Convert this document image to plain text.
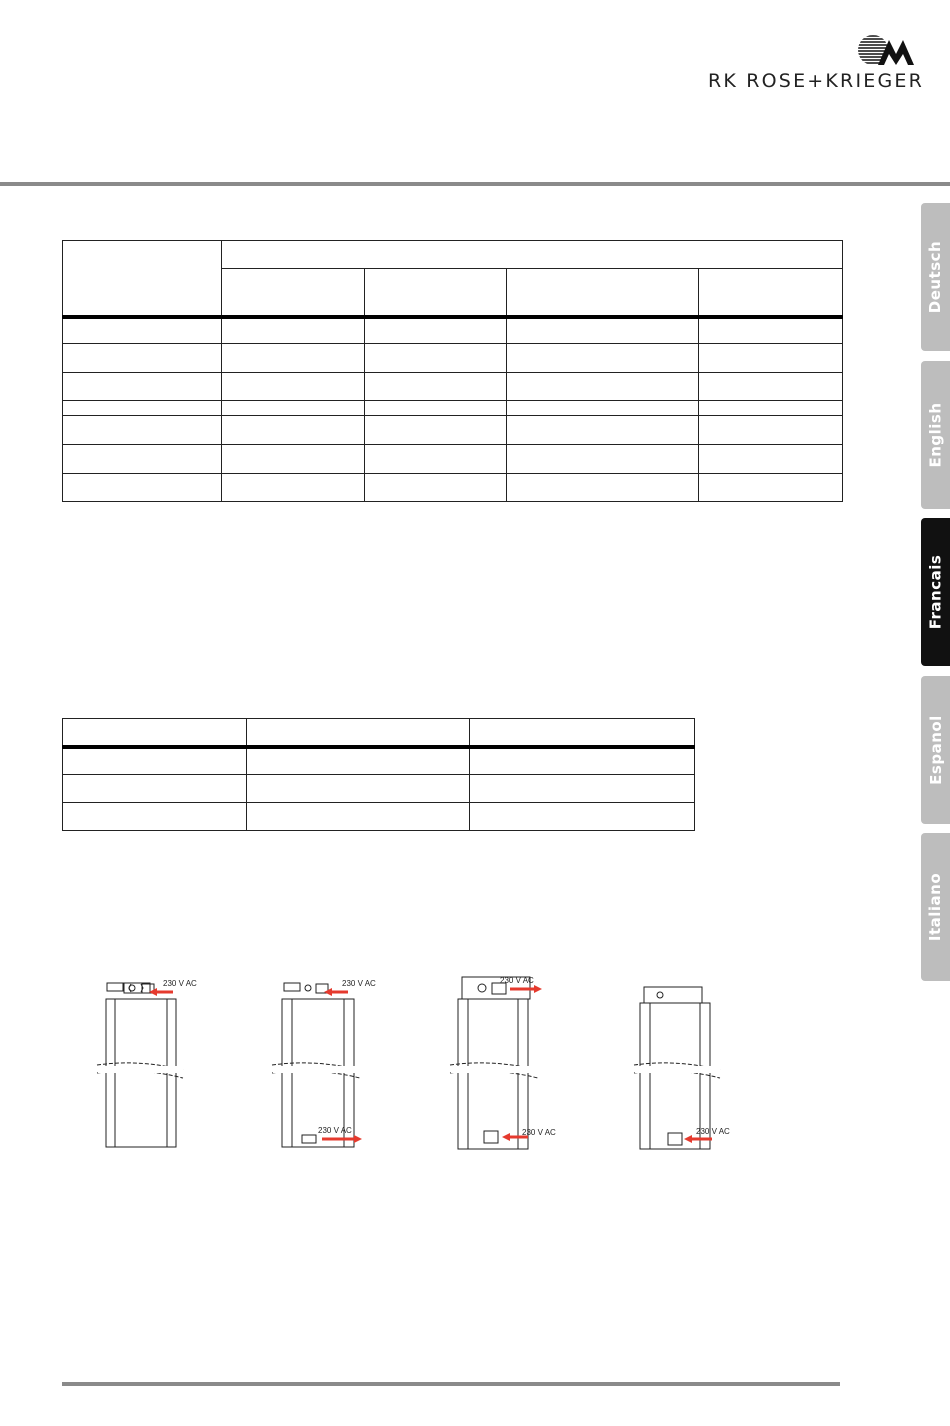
RK ROSE+KRIEGER
Deutsch
English
Francais
Espanol
Italiano

230 V AC	230 V AC
230 V AC
230 V AC
230 V AC	230 V AC
